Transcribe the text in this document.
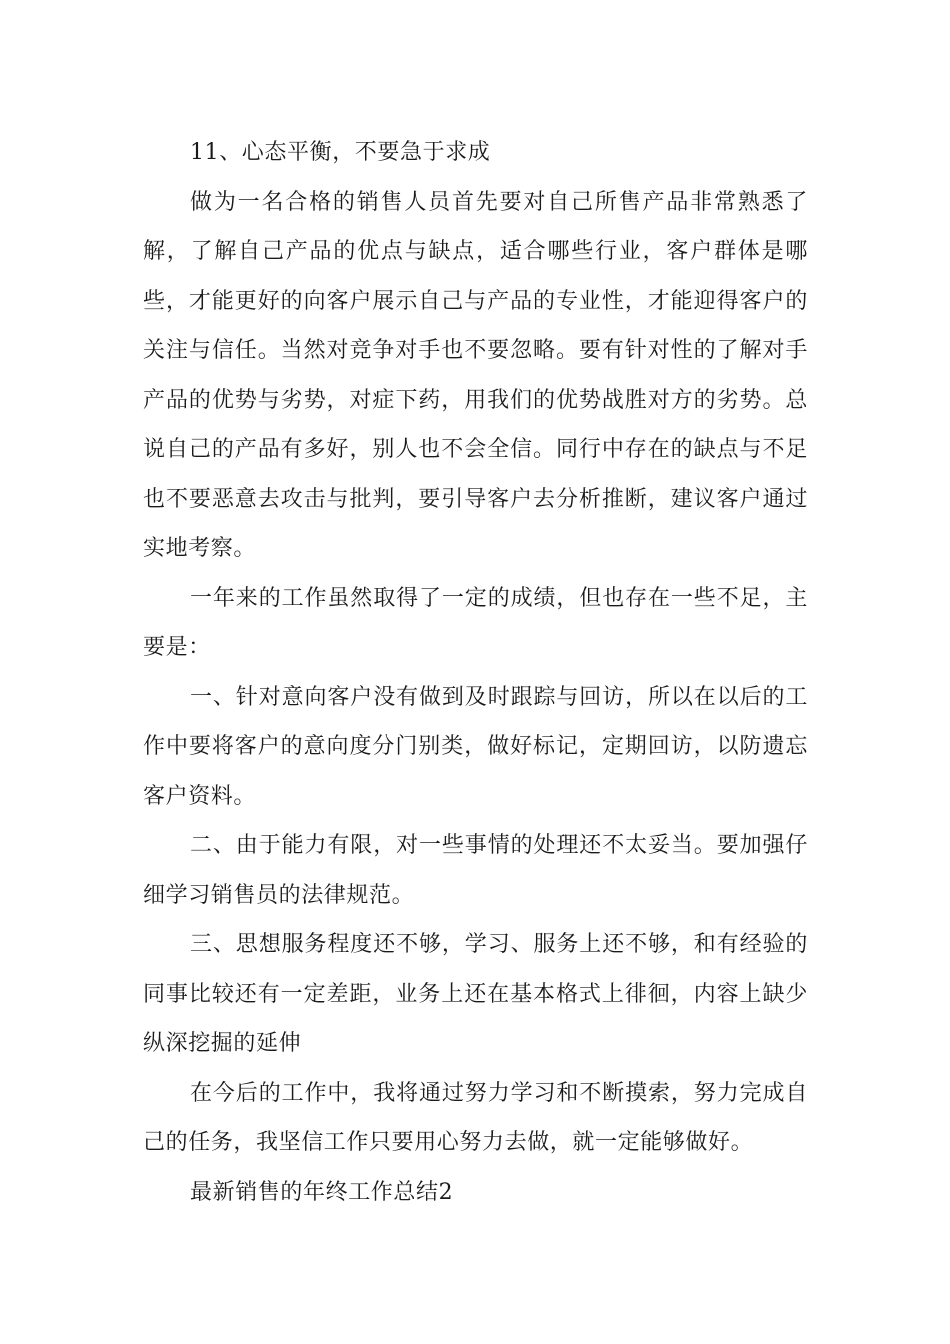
11、心态平衡，不要急于求成

做为一名合格的销售人员首先要对自己所售产品非常熟悉了解，了解自己产品的优点与缺点，适合哪些行业，客户群体是哪些，才能更好的向客户展示自己与产品的专业性，才能迎得客户的关注与信任。当然对竞争对手也不要忽略。要有针对性的了解对手产品的优势与劣势，对症下药，用我们的优势战胜对方的劣势。总说自己的产品有多好，别人也不会全信。同行中存在的缺点与不足也不要恶意去攻击与批判，要引导客户去分析推断，建议客户通过实地考察。

一年来的工作虽然取得了一定的成绩，但也存在一些不足，主要是：

一、针对意向客户没有做到及时跟踪与回访，所以在以后的工作中要将客户的意向度分门别类，做好标记，定期回访，以防遗忘客户资料。

二、由于能力有限，对一些事情的处理还不太妥当。要加强仔细学习销售员的法律规范。

三、思想服务程度还不够，学习、服务上还不够，和有经验的同事比较还有一定差距，业务上还在基本格式上徘徊，内容上缺少纵深挖掘的延伸

在今后的工作中，我将通过努力学习和不断摸索，努力完成自己的任务，我坚信工作只要用心努力去做，就一定能够做好。

最新销售的年终工作总结2
